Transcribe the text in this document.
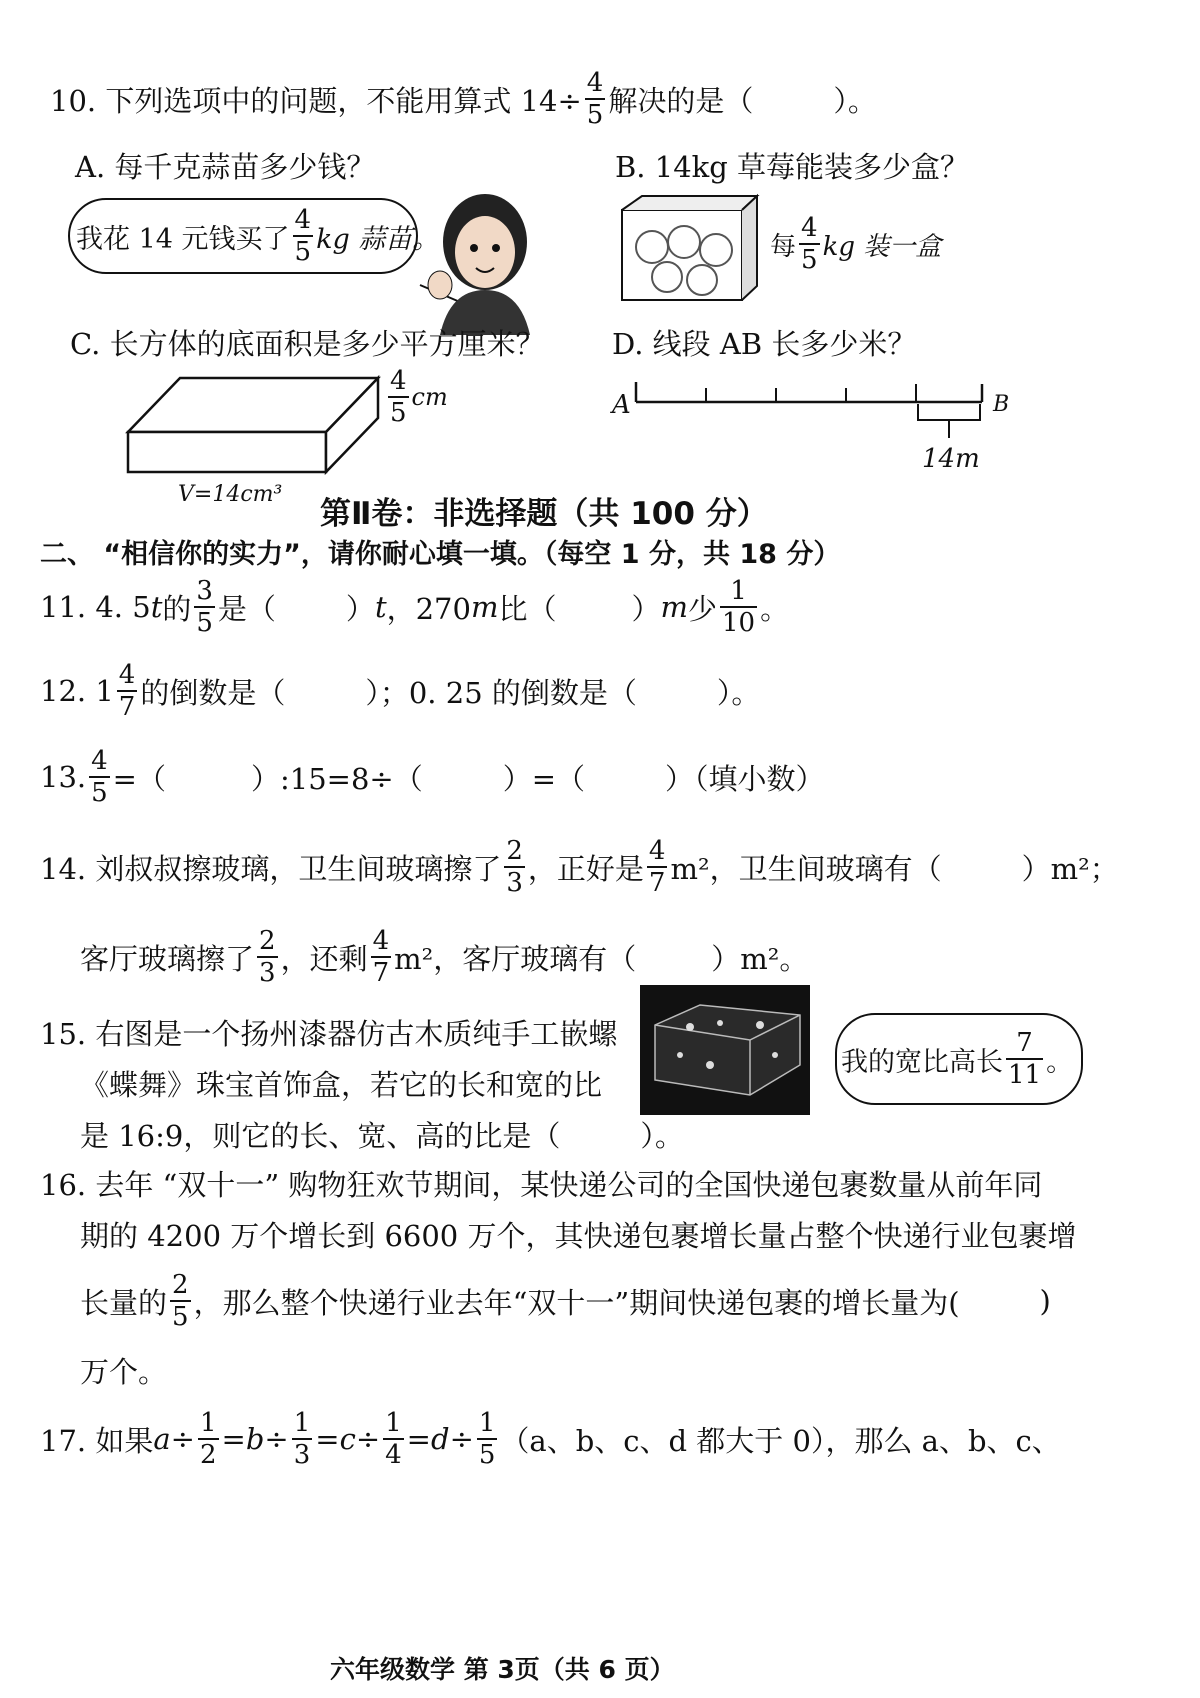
10. 下列选项中的问题，不能用算式 $14\div \frac{4}{5}$ 解决的是（	）。
A. 每千克蒜苗多少钱？
我花 14 元钱买了 $\frac{4}{5}$ kg 蒜苗。
B. 14kg 草莓能装多少盒？
每 $\frac{4}{5}$ kg 装一盒
C. 长方体的底面积是多少平方厘米？
$\frac{4}{5}$ cm
V=14cm³
D. 线段 AB 长多少米？
A	B
14m
第Ⅱ卷：非选择题（共 100 分）
二、 “相信你的实力”，请你耐心填一填。（每空 1 分，共 18 分）
11. 4. 5 t 的 $\frac{3}{5}$ 是（ ） t ，270 m 比（	） m 少 $\frac{1}{10}$ 。
12. $1 \frac{4}{7}$ 的倒数是（	）；0. 25 的倒数是（	）。
13. $\frac{4}{5}$ =（	）:15=8÷（	）=（	）（填小数）
14. 刘叔叔擦玻璃，卫生间玻璃擦了 $\frac{2}{3}$ ，正好是 $\frac{4}{7} m^2$，卫生间玻璃有（	）m²；
客厅玻璃擦了 $\frac{2}{3}$ ，还剩 $\frac{4}{7} m^2$，客厅玻璃有（	）m²。
15. 右图是一个扬州漆器仿古木质纯手工嵌螺
《蝶舞》珠宝首饰盒，若它的长和宽的比
是 16:9，则它的长、宽、高的比是（	）。
我的宽比高长 $\frac{7}{11}$ 。
16. 去年 “双十一” 购物狂欢节期间，某快递公司的全国快递包裹数量从前年同
期的 4200 万个增长到 6600 万个，其快递包裹增长量占整个快递行业包裹增
长量的 $\frac{2}{5}$ ，那么整个快递行业去年“双十一”期间快递包裹的增长量为(	)
万个。
17. 如果 $a \div \frac{1}{2} = b \div \frac{1}{3} = c \div \frac{1}{4} = d \div \frac{1}{5} (a$、b、c、d 都大于 0），那么 a、b、c、
六年级数学 第 3页（共 6 页）
